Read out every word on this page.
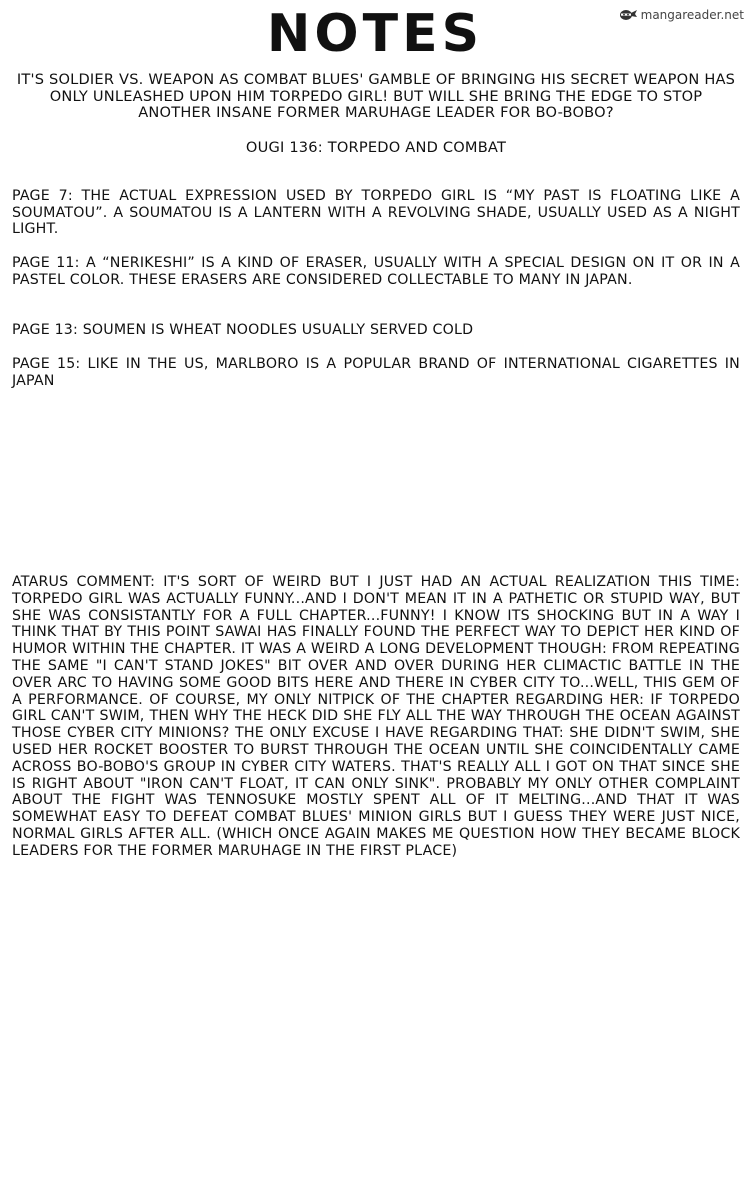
NOTES	mangareader.net

IT'S SOLDIER VS. WEAPON AS COMBAT BLUES' GAMBLE OF BRINGING HIS SECRET WEAPON HAS ONLY UNLEASHED UPON HIM TORPEDO GIRL! BUT WILL SHE BRING THE EDGE TO STOP ANOTHER INSANE FORMER MARUHAGE LEADER FOR BO-BOBO?

OUGI 136: TORPEDO AND COMBAT

PAGE 7: THE ACTUAL EXPRESSION USED BY TORPEDO GIRL IS “MY PAST IS FLOATING LIKE A SOUMATOU”. A SOUMATOU IS A LANTERN WITH A REVOLVING SHADE, USUALLY USED AS A NIGHT LIGHT.

PAGE 11: A “NERIKESHI” IS A KIND OF ERASER, USUALLY WITH A SPECIAL DESIGN ON IT OR IN A PASTEL COLOR. THESE ERASERS ARE CONSIDERED COLLECTABLE TO MANY IN JAPAN.

PAGE 13: SOUMEN IS WHEAT NOODLES USUALLY SERVED COLD

PAGE 15: LIKE IN THE US, MARLBORO IS A POPULAR BRAND OF INTERNATIONAL CIGARETTES IN JAPAN

ATARUS COMMENT: IT'S SORT OF WEIRD BUT I JUST HAD AN ACTUAL REALIZATION THIS TIME: TORPEDO GIRL WAS ACTUALLY FUNNY...AND I DON'T MEAN IT IN A PATHETIC OR STUPID WAY, BUT SHE WAS CONSISTANTLY FOR A FULL CHAPTER...FUNNY! I KNOW ITS SHOCKING BUT IN A WAY I THINK THAT BY THIS POINT SAWAI HAS FINALLY FOUND THE PERFECT WAY TO DEPICT HER KIND OF HUMOR WITHIN THE CHAPTER. IT WAS A WEIRD A LONG DEVELOPMENT THOUGH: FROM REPEATING THE SAME "I CAN'T STAND JOKES" BIT OVER AND OVER DURING HER CLIMACTIC BATTLE IN THE OVER ARC TO HAVING SOME GOOD BITS HERE AND THERE IN CYBER CITY TO...WELL, THIS GEM OF A PERFORMANCE. OF COURSE, MY ONLY NITPICK OF THE CHAPTER REGARDING HER: IF TORPEDO GIRL CAN'T SWIM, THEN WHY THE HECK DID SHE FLY ALL THE WAY THROUGH THE OCEAN AGAINST THOSE CYBER CITY MINIONS? THE ONLY EXCUSE I HAVE REGARDING THAT: SHE DIDN'T SWIM, SHE USED HER ROCKET BOOSTER TO BURST THROUGH THE OCEAN UNTIL SHE COINCIDENTALLY CAME ACROSS BO-BOBO'S GROUP IN CYBER CITY WATERS. THAT'S REALLY ALL I GOT ON THAT SINCE SHE IS RIGHT ABOUT "IRON CAN'T FLOAT, IT CAN ONLY SINK". PROBABLY MY ONLY OTHER COMPLAINT ABOUT THE FIGHT WAS TENNOSUKE MOSTLY SPENT ALL OF IT MELTING...AND THAT IT WAS SOMEWHAT EASY TO DEFEAT COMBAT BLUES' MINION GIRLS BUT I GUESS THEY WERE JUST NICE, NORMAL GIRLS AFTER ALL. (WHICH ONCE AGAIN MAKES ME QUESTION HOW THEY BECAME BLOCK LEADERS FOR THE FORMER MARUHAGE IN THE FIRST PLACE)
